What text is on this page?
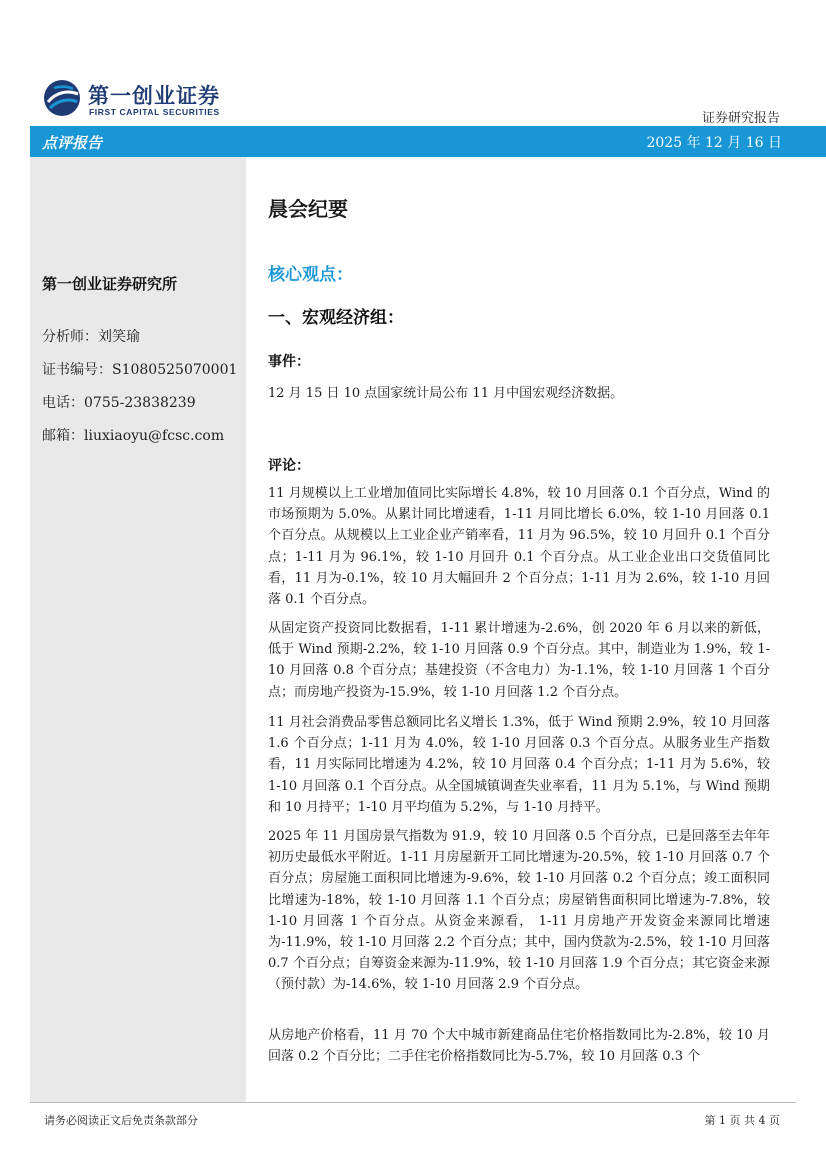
第一创业证券
FIRST CAPITAL SECURITIES	证券研究报告
点评报告	2025 年 12 月 16 日
第一创业证券研究所
分析师：刘笑瑜
证书编号：S1080525070001
电话：0755-23838239
邮箱：liuxiaoyu@fcsc.com
晨会纪要
核心观点：
一、宏观经济组：
事件：
12 月 15 日 10 点国家统计局公布 11 月中国宏观经济数据。
评论：
11 月规模以上工业增加值同比实际增长 4.8%，较 10 月回落 0.1 个百分点，Wind 的市场预期为 5.0%。从累计同比增速看，1-11 月同比增长 6.0%，较 1-10 月回落 0.1 个百分点。从规模以上工业企业产销率看，11 月为 96.5%，较 10 月回升 0.1 个百分点；1-11 月为 96.1%，较 1-10 月回升 0.1 个百分点。从工业企业出口交货值同比看，11 月为-0.1%，较 10 月大幅回升 2 个百分点；1-11 月为 2.6%，较 1-10 月回落 0.1 个百分点。
从固定资产投资同比数据看，1-11 累计增速为-2.6%，创 2020 年 6 月以来的新低，低于 Wind 预期-2.2%，较 1-10 月回落 0.9 个百分点。其中，制造业为 1.9%，较 1-10 月回落 0.8 个百分点；基建投资（不含电力）为-1.1%，较 1-10 月回落 1 个百分点；而房地产投资为-15.9%，较 1-10 月回落 1.2 个百分点。
11 月社会消费品零售总额同比名义增长 1.3%，低于 Wind 预期 2.9%，较 10 月回落 1.6 个百分点；1-11 月为 4.0%，较 1-10 月回落 0.3 个百分点。从服务业生产指数看，11 月实际同比增速为 4.2%，较 10 月回落 0.4 个百分点；1-11 月为 5.6%，较 1-10 月回落 0.1 个百分点。从全国城镇调查失业率看，11 月为 5.1%，与 Wind 预期和 10 月持平；1-10 月平均值为 5.2%，与 1-10 月持平。
2025 年 11 月国房景气指数为 91.9，较 10 月回落 0.5 个百分点，已是回落至去年年初历史最低水平附近。1-11 月房屋新开工同比增速为-20.5%，较 1-10 月回落 0.7 个百分点；房屋施工面积同比增速为-9.6%，较 1-10 月回落 0.2 个百分点；竣工面积同比增速为-18%，较 1-10 月回落 1.1 个百分点；房屋销售面积同比增速为-7.8%，较 1-10 月回落 1 个百分点。从资金来源看， 1-11 月房地产开发资金来源同比增速为-11.9%，较 1-10 月回落 2.2 个百分点；其中，国内贷款为-2.5%，较 1-10 月回落 0.7 个百分点；自筹资金来源为-11.9%，较 1-10 月回落 1.9 个百分点；其它资金来源（预付款）为-14.6%，较 1-10 月回落 2.9 个百分点。
从房地产价格看，11 月 70 个大中城市新建商品住宅价格指数同比为-2.8%，较 10 月回落 0.2 个百分比；二手住宅价格指数同比为-5.7%，较 10 月回落 0.3 个
请务必阅读正文后免责条款部分	第 1 页 共 4 页
